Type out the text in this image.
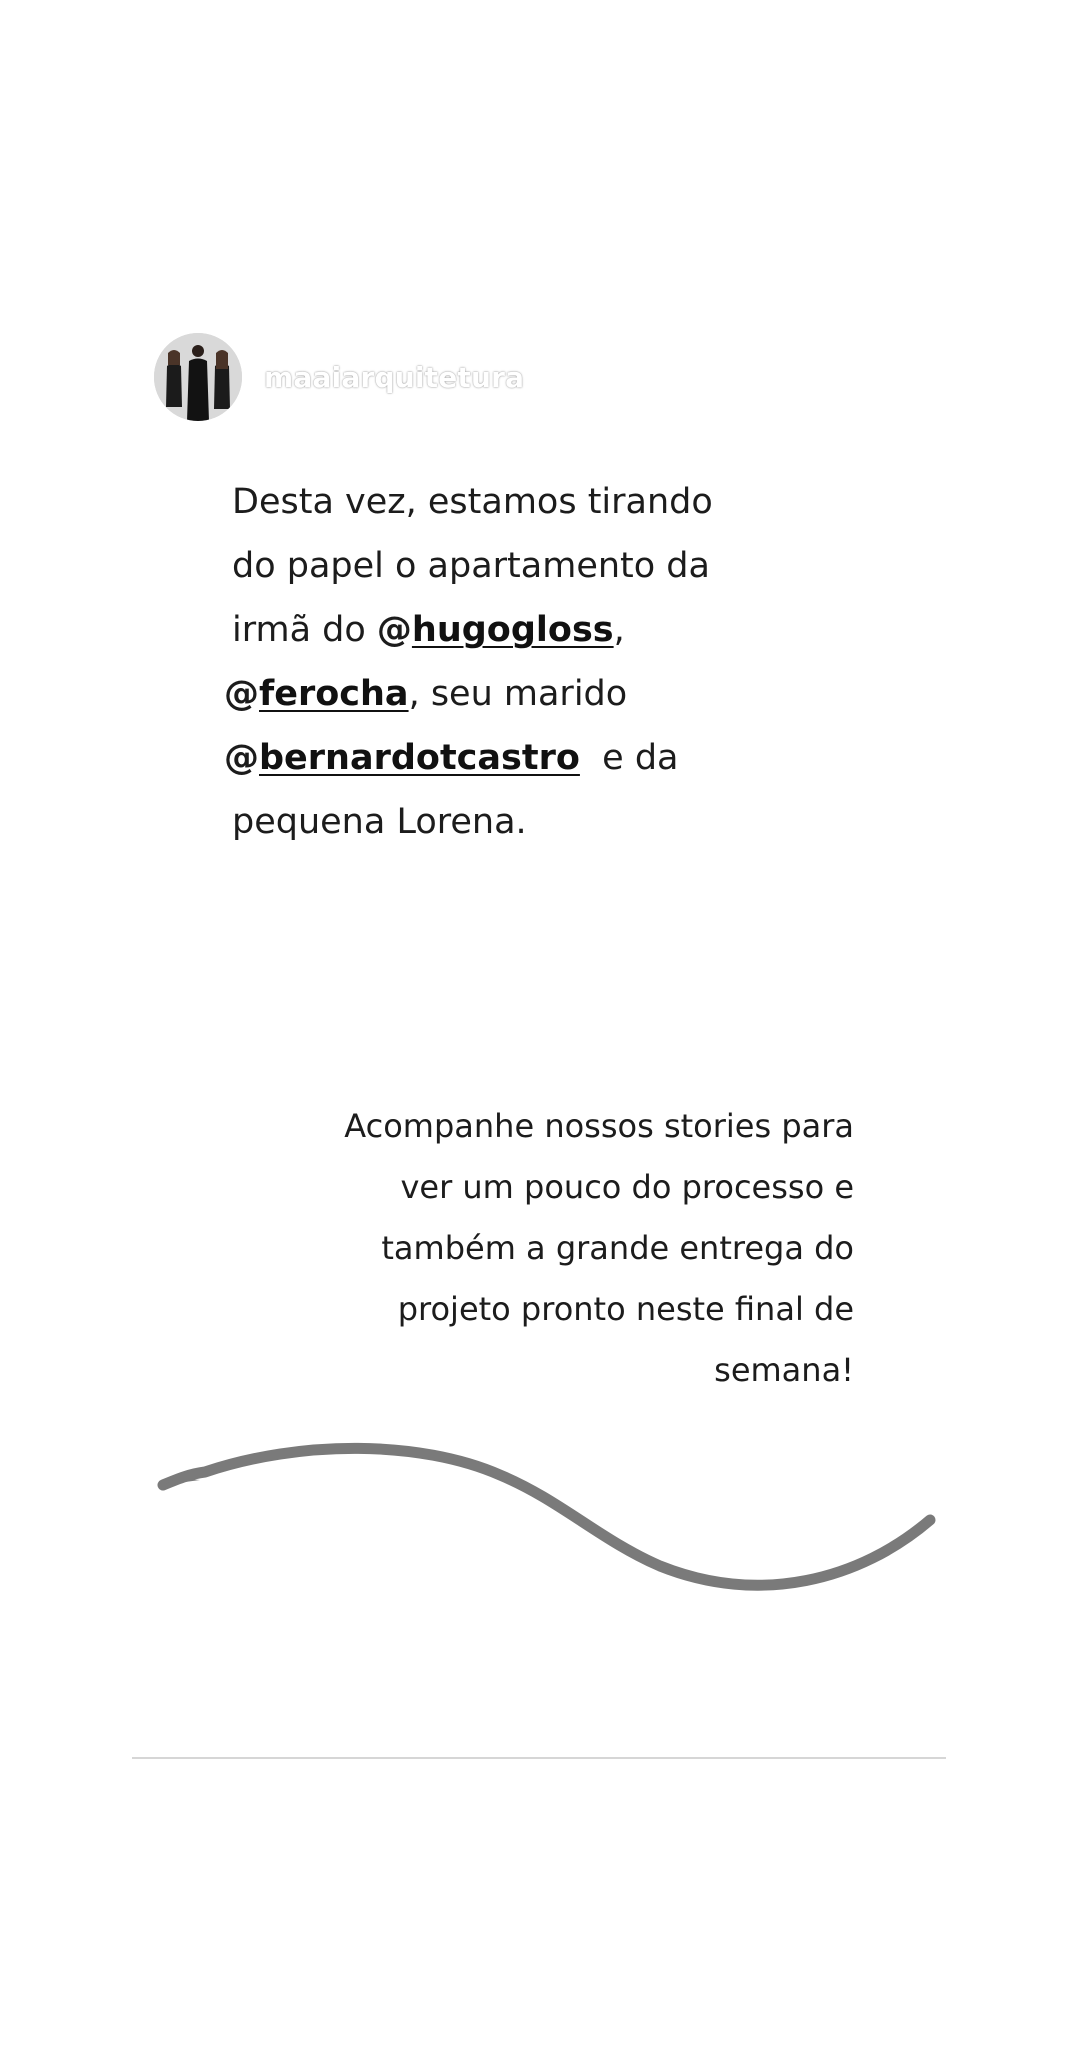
maaiarquitetura
Desta vez, estamos tirando
do papel o apartamento da
irmã do @hugogloss,
@ferocha, seu marido
@bernardotcastro  e da
pequena Lorena.
Acompanhe nossos stories para
ver um pouco do processo e
também a grande entrega do
projeto pronto neste final de
semana!
